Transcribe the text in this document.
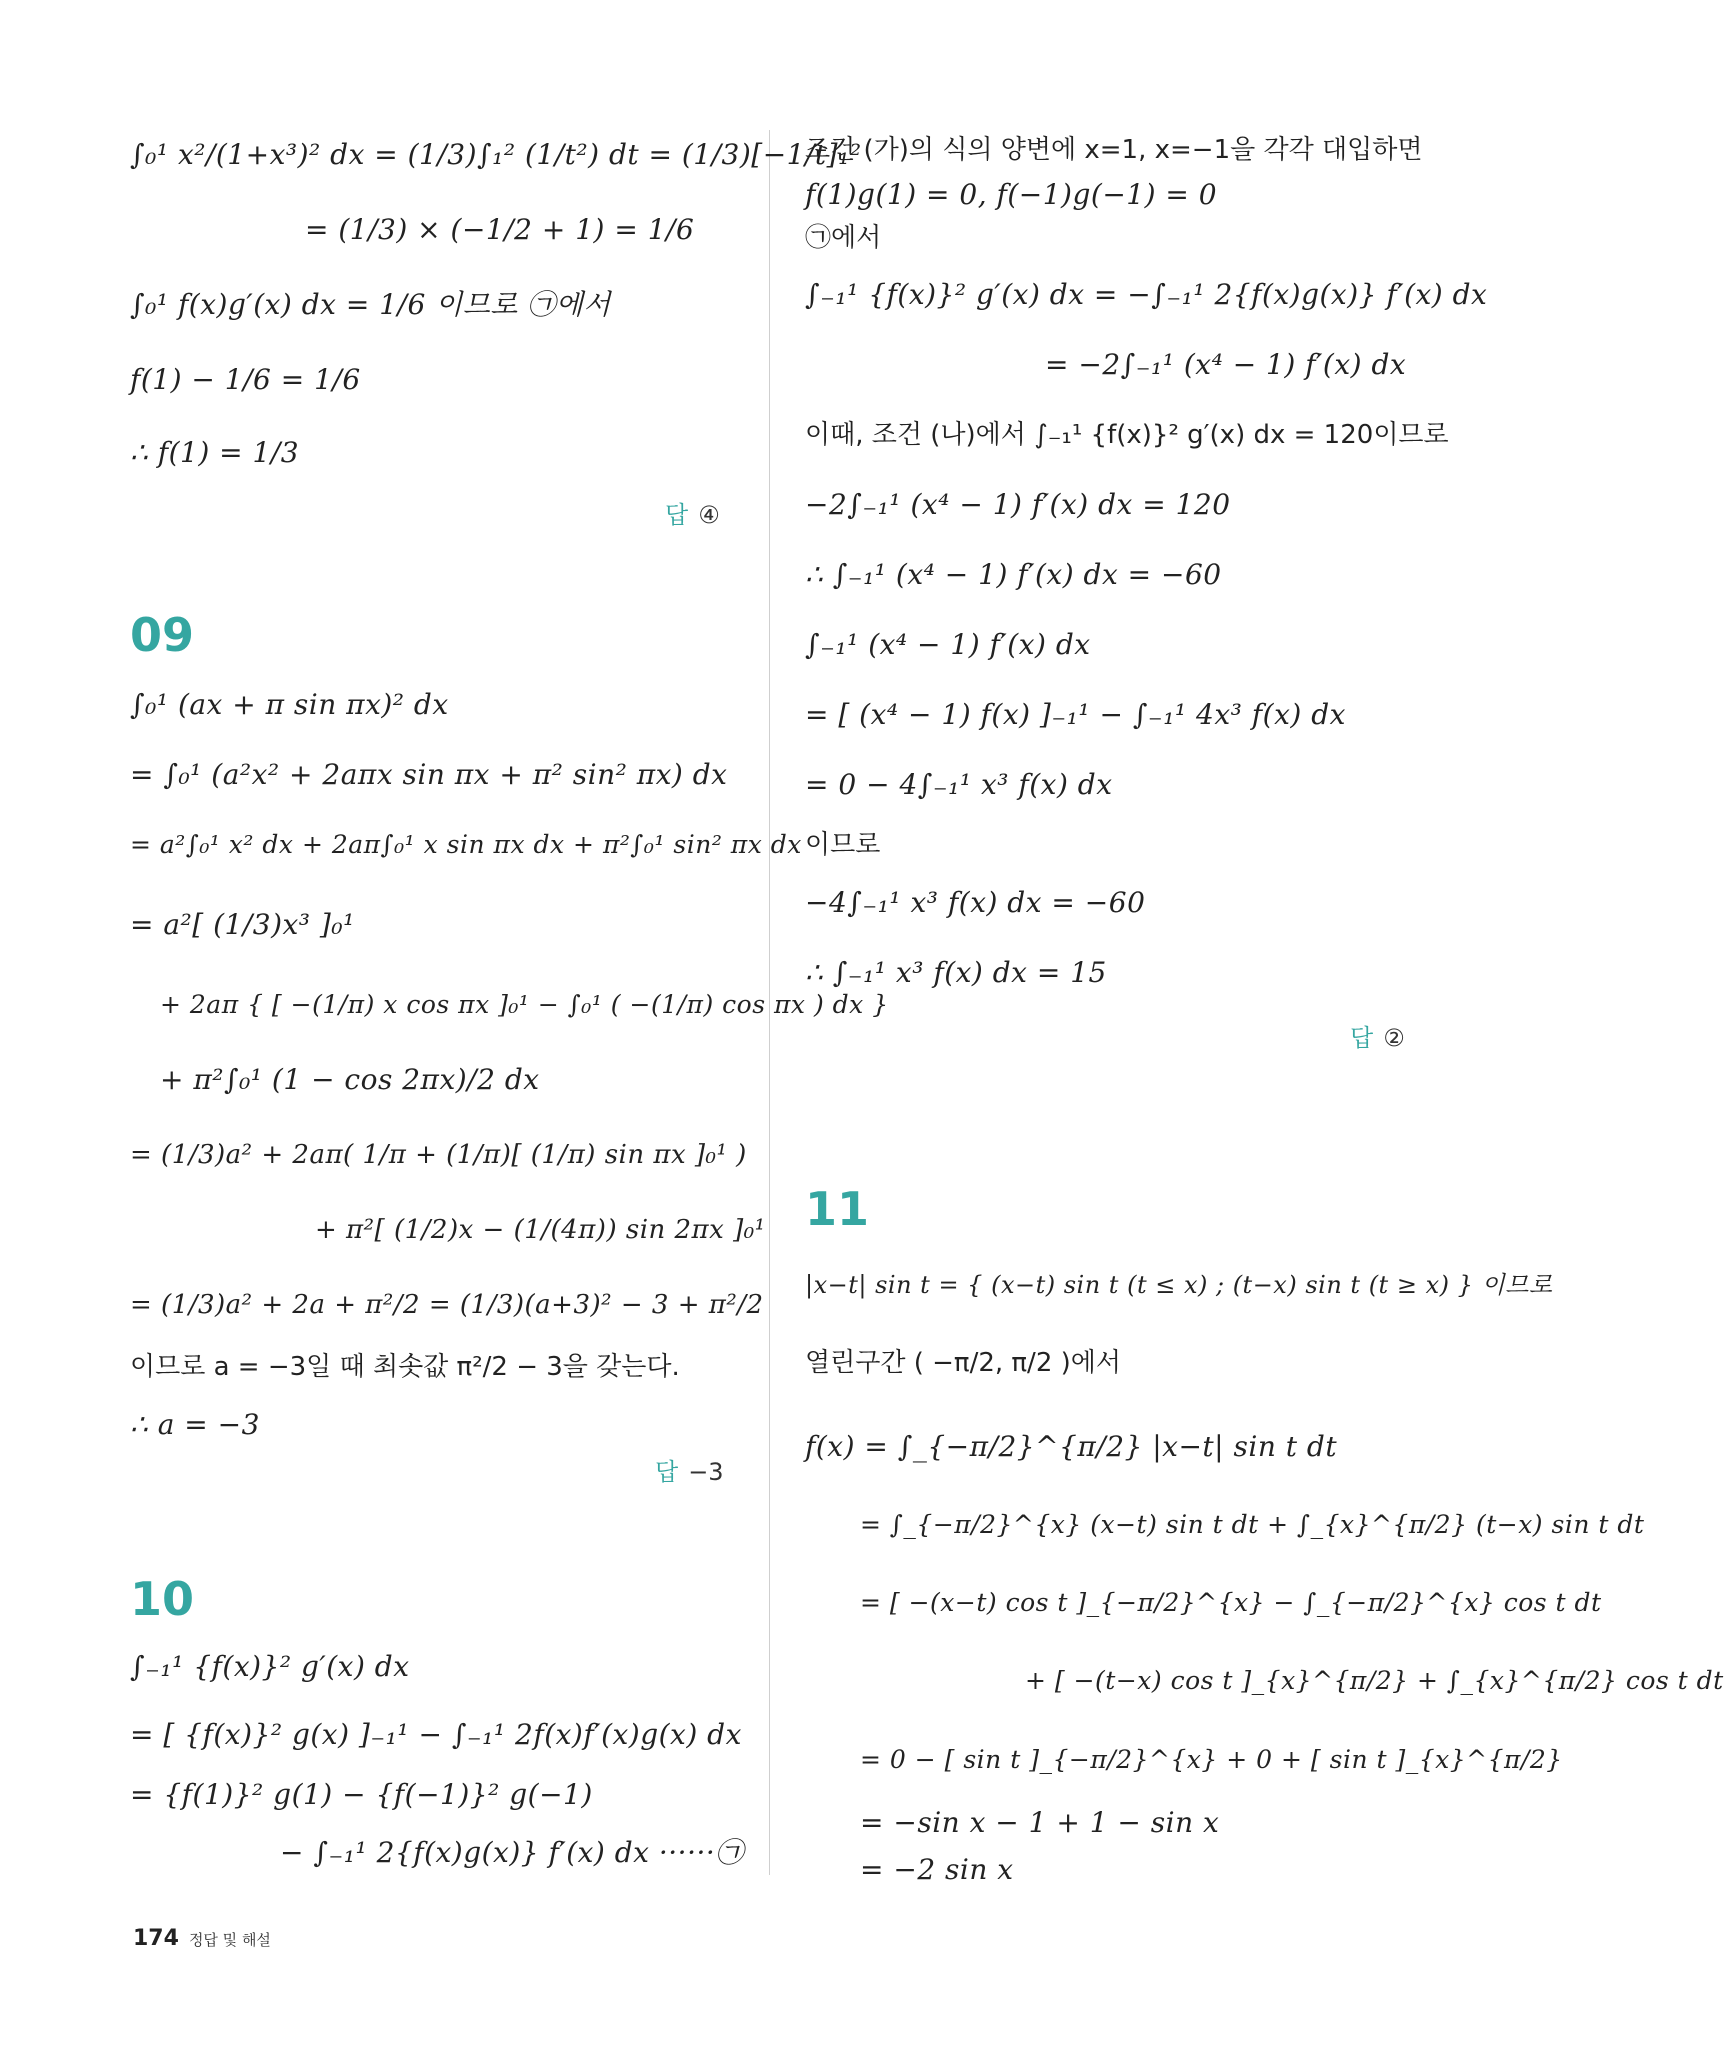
∫₀¹ x²/(1+x³)² dx = (1/3)∫₁² (1/t²) dt = (1/3)[−1/t]₁²
= (1/3) × (−1/2 + 1) = 1/6
∫₀¹ f(x)g′(x) dx = 1/6 이므로 ㉠에서
f(1) − 1/6 = 1/6
∴ f(1) = 1/3
답 ④
09
∫₀¹ (ax + π sin πx)² dx
= ∫₀¹ (a²x² + 2aπx sin πx + π² sin² πx) dx
= a²∫₀¹ x² dx + 2aπ∫₀¹ x sin πx dx + π²∫₀¹ sin² πx dx
= a²[ (1/3)x³ ]₀¹
+ 2aπ { [ −(1/π) x cos πx ]₀¹ − ∫₀¹ ( −(1/π) cos πx ) dx }
+ π²∫₀¹ (1 − cos 2πx)/2 dx
= (1/3)a² + 2aπ( 1/π + (1/π)[ (1/π) sin πx ]₀¹ )
+ π²[ (1/2)x − (1/(4π)) sin 2πx ]₀¹
= (1/3)a² + 2a + π²/2 = (1/3)(a+3)² − 3 + π²/2
이므로 a = −3일 때 최솟값 π²/2 − 3을 갖는다.
∴ a = −3
답 −3
10
∫₋₁¹ {f(x)}² g′(x) dx
= [ {f(x)}² g(x) ]₋₁¹ − ∫₋₁¹ 2f(x)f′(x)g(x) dx
= {f(1)}² g(1) − {f(−1)}² g(−1)
− ∫₋₁¹ 2{f(x)g(x)} f′(x) dx ······㉠
조건 (가)의 식의 양변에 x=1, x=−1을 각각 대입하면
f(1)g(1) = 0, f(−1)g(−1) = 0
㉠에서
∫₋₁¹ {f(x)}² g′(x) dx = −∫₋₁¹ 2{f(x)g(x)} f′(x) dx
= −2∫₋₁¹ (x⁴ − 1) f′(x) dx
이때, 조건 (나)에서 ∫₋₁¹ {f(x)}² g′(x) dx = 120이므로
−2∫₋₁¹ (x⁴ − 1) f′(x) dx = 120
∴ ∫₋₁¹ (x⁴ − 1) f′(x) dx = −60
∫₋₁¹ (x⁴ − 1) f′(x) dx
= [ (x⁴ − 1) f(x) ]₋₁¹ − ∫₋₁¹ 4x³ f(x) dx
= 0 − 4∫₋₁¹ x³ f(x) dx
이므로
−4∫₋₁¹ x³ f(x) dx = −60
∴ ∫₋₁¹ x³ f(x) dx = 15
답 ②
11
|x−t| sin t = { (x−t) sin t (t ≤ x) ; (t−x) sin t (t ≥ x) } 이므로
열린구간 ( −π/2, π/2 )에서
f(x) = ∫_{−π/2}^{π/2} |x−t| sin t dt
= ∫_{−π/2}^{x} (x−t) sin t dt + ∫_{x}^{π/2} (t−x) sin t dt
= [ −(x−t) cos t ]_{−π/2}^{x} − ∫_{−π/2}^{x} cos t dt
+ [ −(t−x) cos t ]_{x}^{π/2} + ∫_{x}^{π/2} cos t dt
= 0 − [ sin t ]_{−π/2}^{x} + 0 + [ sin t ]_{x}^{π/2}
= −sin x − 1 + 1 − sin x
= −2 sin x
174 정답 및 해설
